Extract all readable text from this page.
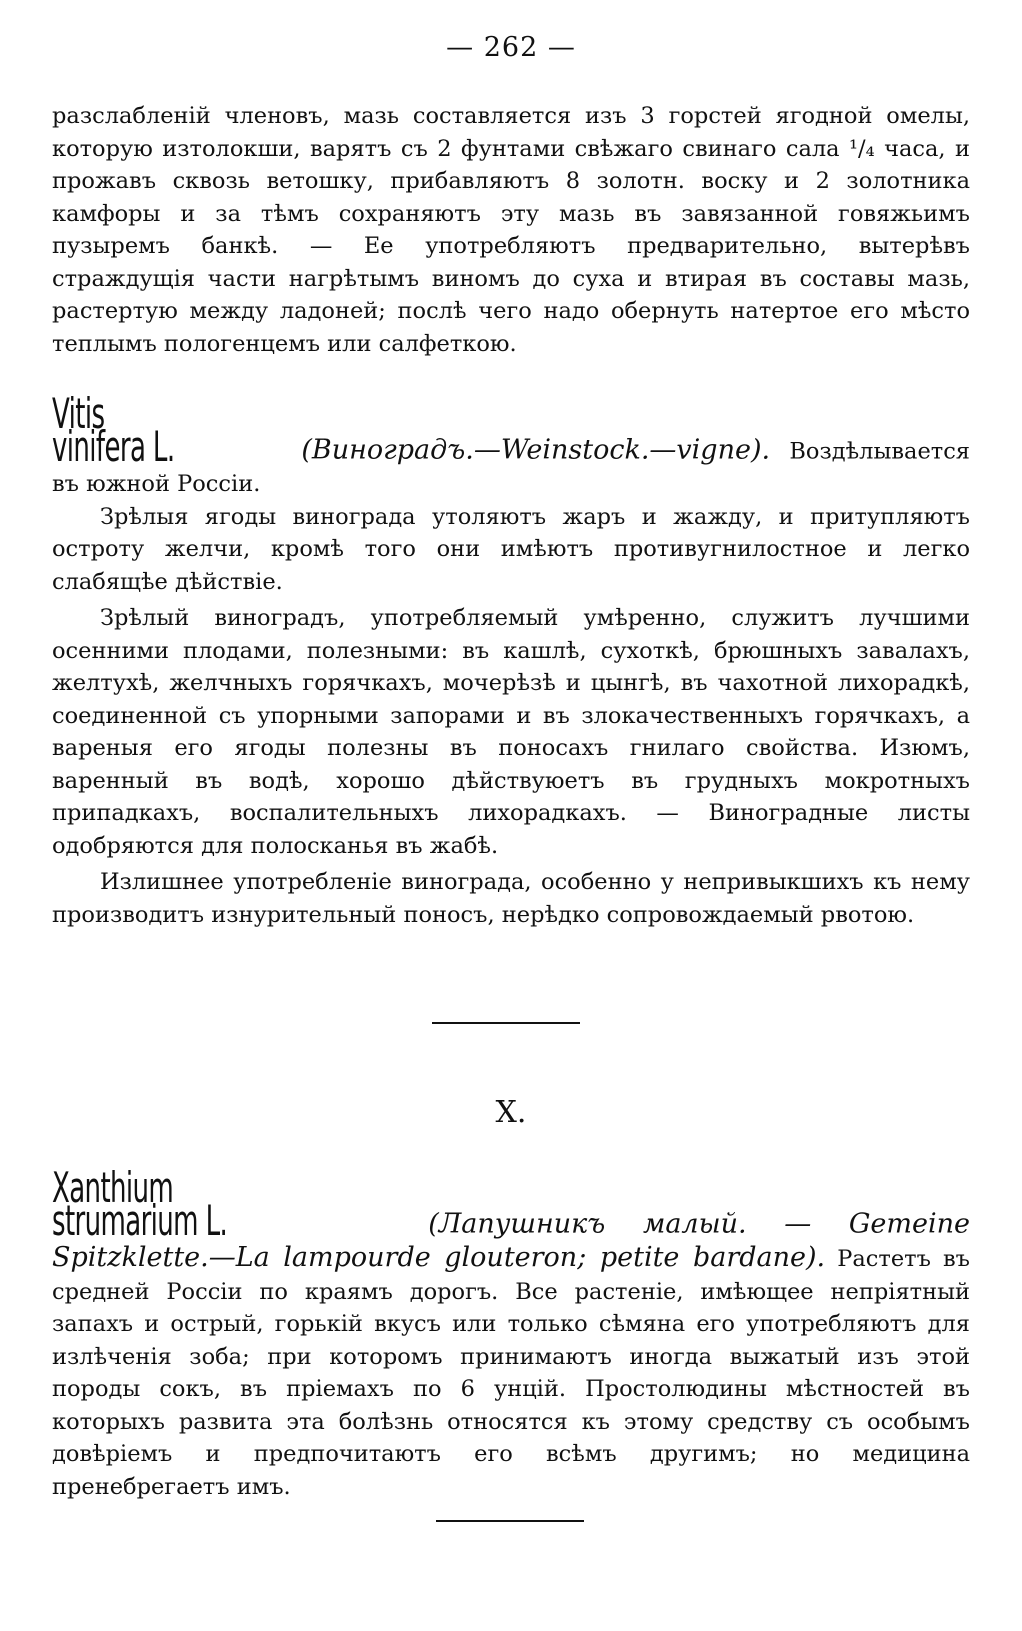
— 262 —

разслабленій членовъ, мазь составляется изъ 3 горстей ягодной омелы, которую изтолокши, варятъ съ 2 фунтами свѣжаго свинаго сала ¹/₄ часа, и прожавъ сквозь ветошку, прибавляютъ 8 золотн. воску и 2 золотника камфоры и за тѣмъ сохраняютъ эту мазь въ завязанной говяжьимъ пузыремъ банкѣ. — Ее употребляютъ предварительно, вытерѣвъ страждущія части нагрѣтымъ виномъ до суха и втирая въ составы мазь, растертую между ладоней; послѣ чего надо обернуть натертое его мѣсто теплымъ пологенцемъ или салфеткою.

Vitis vinifera L.	(Виноградъ.—Weinstock.—vigne). Воздѣлывается въ южной Россіи.

Зрѣлыя ягоды винограда утоляютъ жаръ и жажду, и притупляютъ остроту желчи, кромѣ того они имѣютъ противугнилостное и легко слабящѣе дѣйствіе.

Зрѣлый виноградъ, употребляемый умѣренно, служитъ лучшими осенними плодами, полезными: въ кашлѣ, сухоткѣ, брюшныхъ завалахъ, желтухѣ, желчныхъ горячкахъ, мочерѣзѣ и цынгѣ, въ чахотной лихорадкѣ, соединенной съ упорными запорами и въ злокачественныхъ горячкахъ, а вареныя его ягоды полезны въ поносахъ гнилаго свойства. Изюмъ, варенный въ водѣ, хорошо дѣйствуюетъ въ грудныхъ мокротныхъ припадкахъ, воспалительныхъ лихорадкахъ. — Виноградные листы одобряются для полосканья въ жабѣ.

Излишнее употребленіе винограда, особенно у непривыкшихъ къ нему производитъ изнурительный поносъ, нерѣдко сопровождаемый рвотою.

X.

Xanthium strumarium L.	(Лапушникъ малый. — Gemeine Spitzklette.—La lampourde glouteron; petite bardane). Растетъ въ средней Россіи по краямъ дорогъ. Все растеніе, имѣющее непріятный запахъ и острый, горькій вкусъ или только сѣмяна его употребляютъ для излѣченія зоба; при которомъ принимаютъ иногда выжатый изъ этой породы сокъ, въ пріемахъ по 6 унцій. Простолюдины мѣстностей въ которыхъ развита эта болѣзнь относятся къ этому средству съ особымъ довѣріемъ и предпочитаютъ его всѣмъ другимъ; но медицина пренебрегаетъ имъ.
